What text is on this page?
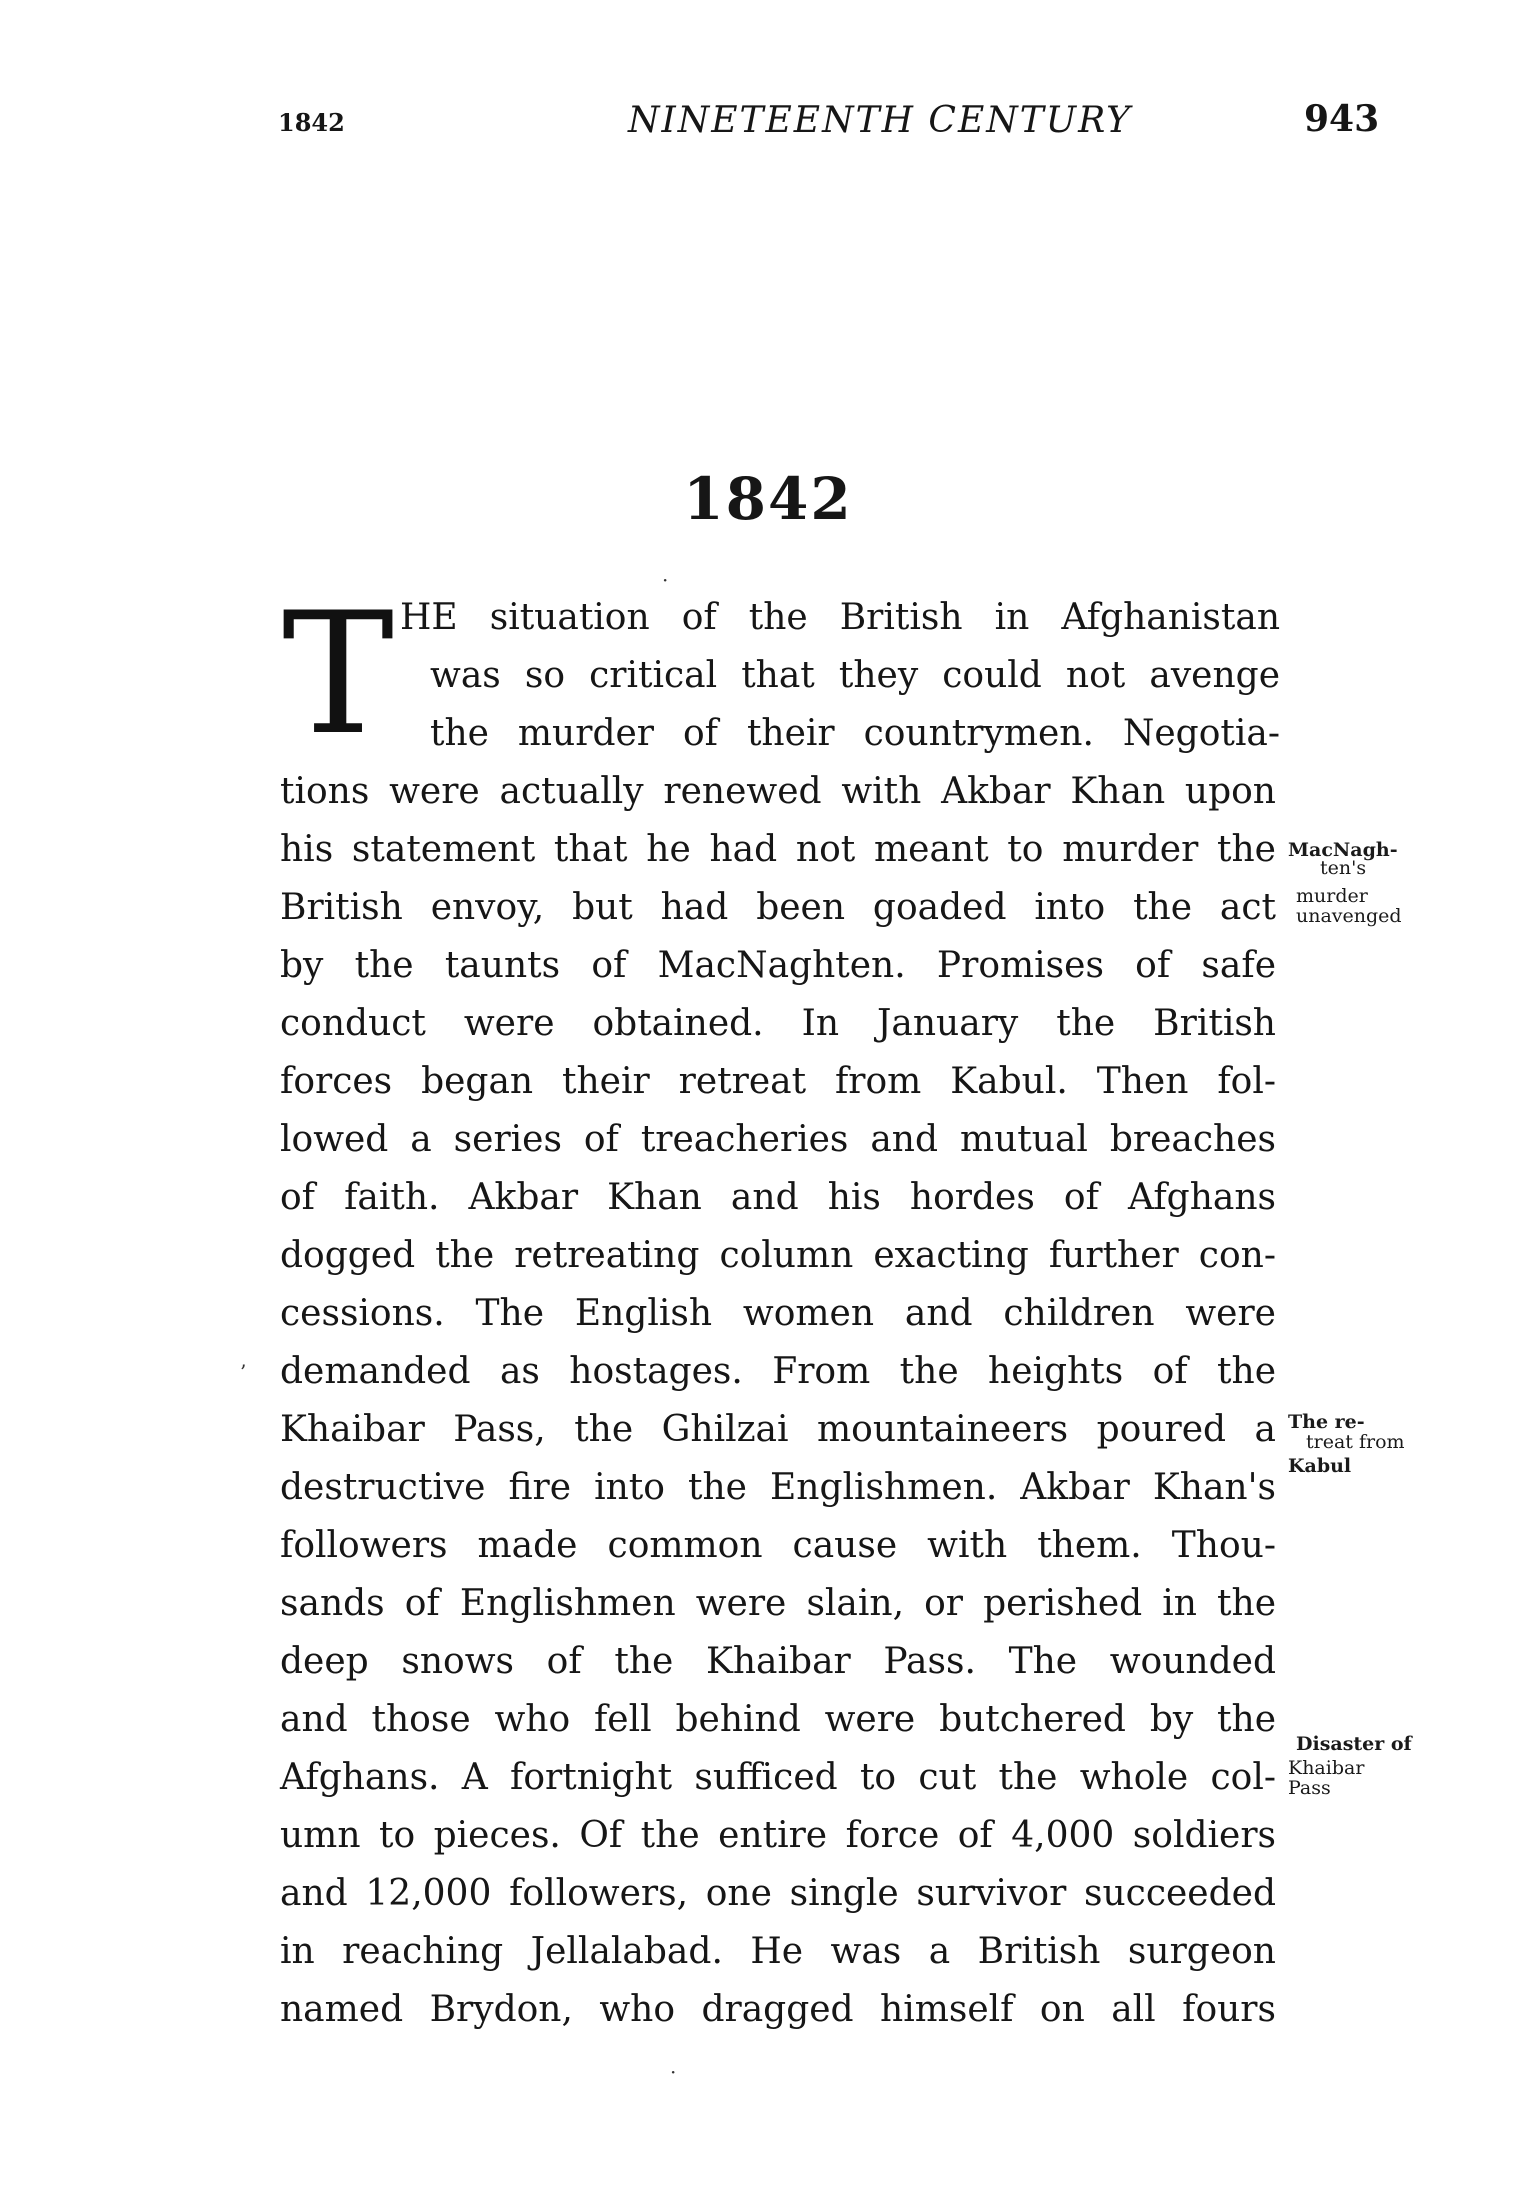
1842	NINETEENTH CENTURY	943
1842
T HE situation of the British in Afghanistan
was so critical that they could not avenge
the murder of their countrymen. Negotia-
tions were actually renewed with Akbar Khan upon
his statement that he had not meant to murder the
British envoy, but had been goaded into the act
by the taunts of MacNaghten. Promises of safe
conduct were obtained. In January the British
forces began their retreat from Kabul. Then fol-
lowed a series of treacheries and mutual breaches
of faith. Akbar Khan and his hordes of Afghans
dogged the retreating column exacting further con-
cessions. The English women and children were
demanded as hostages. From the heights of the
Khaibar Pass, the Ghilzai mountaineers poured a
destructive fire into the Englishmen. Akbar Khan's
followers made common cause with them. Thou-
sands of Englishmen were slain, or perished in the
deep snows of the Khaibar Pass. The wounded
and those who fell behind were butchered by the
Afghans. A fortnight sufficed to cut the whole col-
umn to pieces. Of the entire force of 4,000 soldiers
and 12,000 followers, one single survivor succeeded
in reaching Jellalabad. He was a British surgeon
named Brydon, who dragged himself on all fours
MacNagh-
ten's
murder
unavenged
The re-
treat from
Kabul
Disaster of
Khaibar
Pass
·
’
·
